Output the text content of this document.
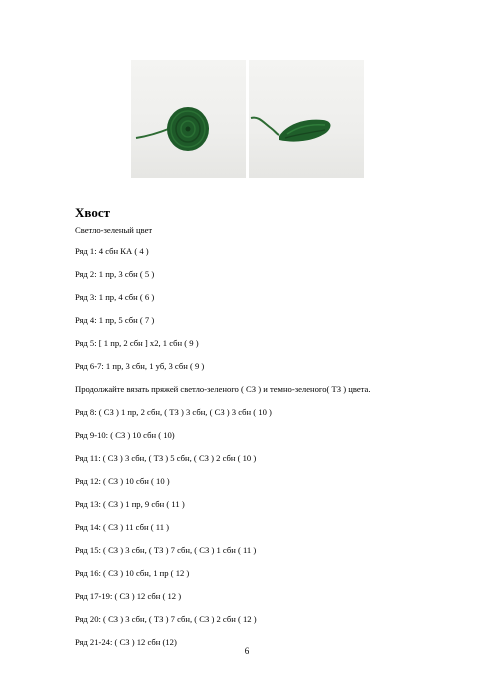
Хвост
Светло-зеленый цвет
Ряд 1: 4 сбн КА ( 4 )
Ряд 2: 1 пр, 3 сбн ( 5 )
Ряд 3: 1 пр, 4 сбн ( 6 )
Ряд 4: 1 пр, 5 сбн ( 7 )
Ряд 5: [ 1 пр, 2 сбн ] x2, 1 сбн ( 9 )
Ряд 6-7: 1 пр, 3 сбн, 1 уб, 3 сбн ( 9 )
Продолжайте вязать пряжей светло-зеленого ( СЗ ) и темно-зеленого( ТЗ ) цвета.
Ряд 8: ( СЗ ) 1 пр, 2 сбн, ( ТЗ ) 3 сбн, ( СЗ ) 3 сбн ( 10 )
Ряд 9-10: ( СЗ ) 10 сбн ( 10)
Ряд 11: ( СЗ ) 3 сбн, ( ТЗ ) 5 сбн, ( СЗ ) 2 сбн ( 10 )
Ряд 12: ( СЗ ) 10 сбн ( 10 )
Ряд 13: ( СЗ ) 1 пр, 9 сбн ( 11 )
Ряд 14: ( СЗ ) 11 сбн ( 11 )
Ряд 15: ( СЗ ) 3 сбн, ( ТЗ ) 7 сбн, ( СЗ ) 1 сбн ( 11 )
Ряд 16: ( СЗ ) 10 сбн, 1 пр ( 12 )
Ряд 17-19: ( СЗ ) 12 сбн ( 12 )
Ряд 20: ( СЗ ) 3 сбн, ( ТЗ ) 7 сбн, ( СЗ ) 2 сбн ( 12 )
Ряд 21-24: ( СЗ ) 12 сбн (12)
6
